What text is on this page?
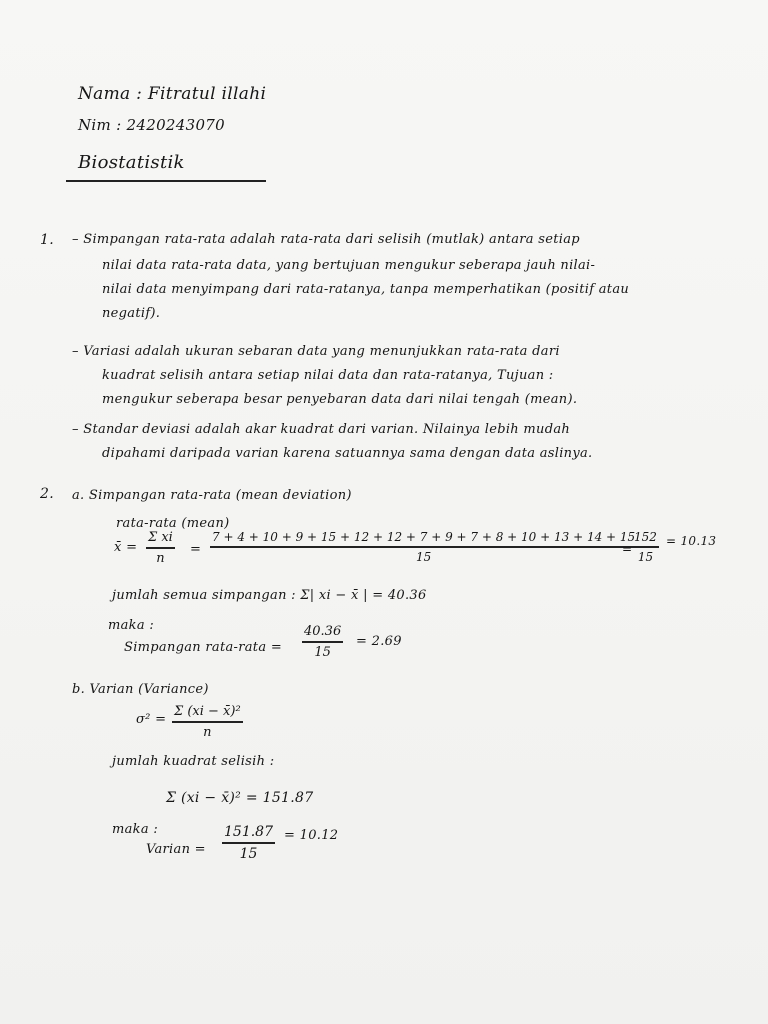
Nama : Fitratul illahi
Nim : 2420243070
Biostatistik
1. – Simpangan rata-rata adalah rata-rata dari selisih (mutlak) antara setiap
nilai data rata-rata data, yang bertujuan mengukur seberapa jauh nilai-
nilai data menyimpang dari rata-ratanya, tanpa memperhatikan (positif atau
negatif).
– Variasi adalah ukuran sebaran data yang menunjukkan rata-rata dari
kuadrat selisih antara setiap nilai data dan rata-ratanya, Tujuan :
mengukur seberapa besar penyebaran data dari nilai tengah (mean).
– Standar deviasi adalah akar kuadrat dari varian. Nilainya lebih mudah
dipahami daripada varian karena satuannya sama dengan data aslinya.
2. a. Simpangan rata-rata (mean deviation)
rata-rata (mean)
x̄ =
Σ xi
n
=
7 + 4 + 10 + 9 + 15 + 12 + 12 + 7 + 9 + 7 + 8 + 10 + 13 + 14 + 15
15
=
152
15
= 10.13
jumlah semua simpangan : Σ| xi − x̄ | = 40.36
maka :
Simpangan rata-rata =
40.36
15
= 2.69
b. Varian (Variance)
σ² =
Σ (xi − x̄)²
n
jumlah kuadrat selisih :
Σ (xi − x̄)² = 151.87
maka :
Varian =
151.87
15
= 10.12
